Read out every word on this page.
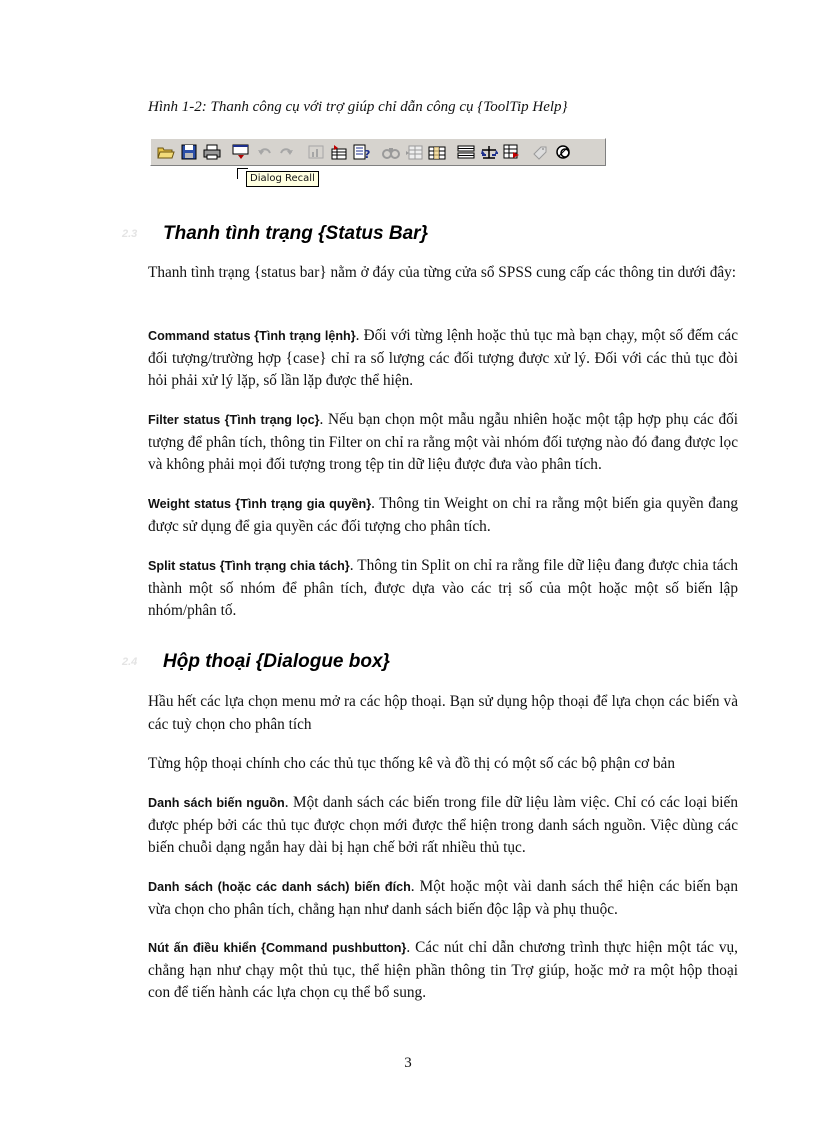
Hình 1-2: Thanh công cụ với trợ giúp chỉ dẫn công cụ {ToolTip Help}
?
Dialog Recall
2.3	Thanh tình trạng {Status Bar}
Thanh tình trạng {status bar} nằm ở đáy của từng cửa sổ SPSS cung cấp các thông tin dưới đây:
Command status {Tình trạng lệnh}. Đối với từng lệnh hoặc thủ tục mà bạn chạy, một số đếm các đối tượng/trường hợp {case} chỉ ra số lượng các đối tượng được xử lý. Đối với các thủ tục đòi hỏi phải xử lý lặp, số lần lặp được thể hiện.
Filter status {Tình trạng lọc}. Nếu bạn chọn một mẫu ngẫu nhiên hoặc một tập hợp phụ các đối tượng để phân tích, thông tin Filter on chỉ ra rằng một vài nhóm đối tượng nào đó đang được lọc và không phải mọi đối tượng trong tệp tin dữ liệu được đưa vào phân tích.
Weight status {Tình trạng gia quyền}. Thông tin Weight on chỉ ra rằng một biến gia quyền đang được sử dụng để gia quyền các đối tượng cho phân tích.
Split status {Tình trạng chia tách}. Thông tin Split on chỉ ra rằng file dữ liệu đang được chia tách thành một số nhóm để phân tích, được dựa vào các trị số của một hoặc một số biến lập nhóm/phân tố.
2.4	Hộp thoại {Dialogue box}
Hầu hết các lựa chọn menu mở ra các hộp thoại. Bạn sử dụng hộp thoại để lựa chọn các biến và các tuỳ chọn cho phân tích
Từng hộp thoại chính cho các thủ tục thống kê và đồ thị có một số các bộ phận cơ bản
Danh sách biến nguồn. Một danh sách các biến trong file dữ liệu làm việc. Chỉ có các loại biến được phép bởi các thủ tục được chọn mới được thể hiện trong danh sách nguồn. Việc dùng các biến chuỗi dạng ngắn hay dài bị hạn chế bởi rất nhiều thủ tục.
Danh sách (hoặc các danh sách) biến đích. Một hoặc một vài danh sách thể hiện các biến bạn vừa chọn cho phân tích, chẳng hạn như danh sách biến độc lập và phụ thuộc.
Nút ấn điều khiển {Command pushbutton}. Các nút chỉ dẫn chương trình thực hiện một tác vụ, chẳng hạn như chạy một thủ tục, thể hiện phần thông tin Trợ giúp, hoặc mở ra một hộp thoại con để tiến hành các lựa chọn cụ thể bổ sung.
3
